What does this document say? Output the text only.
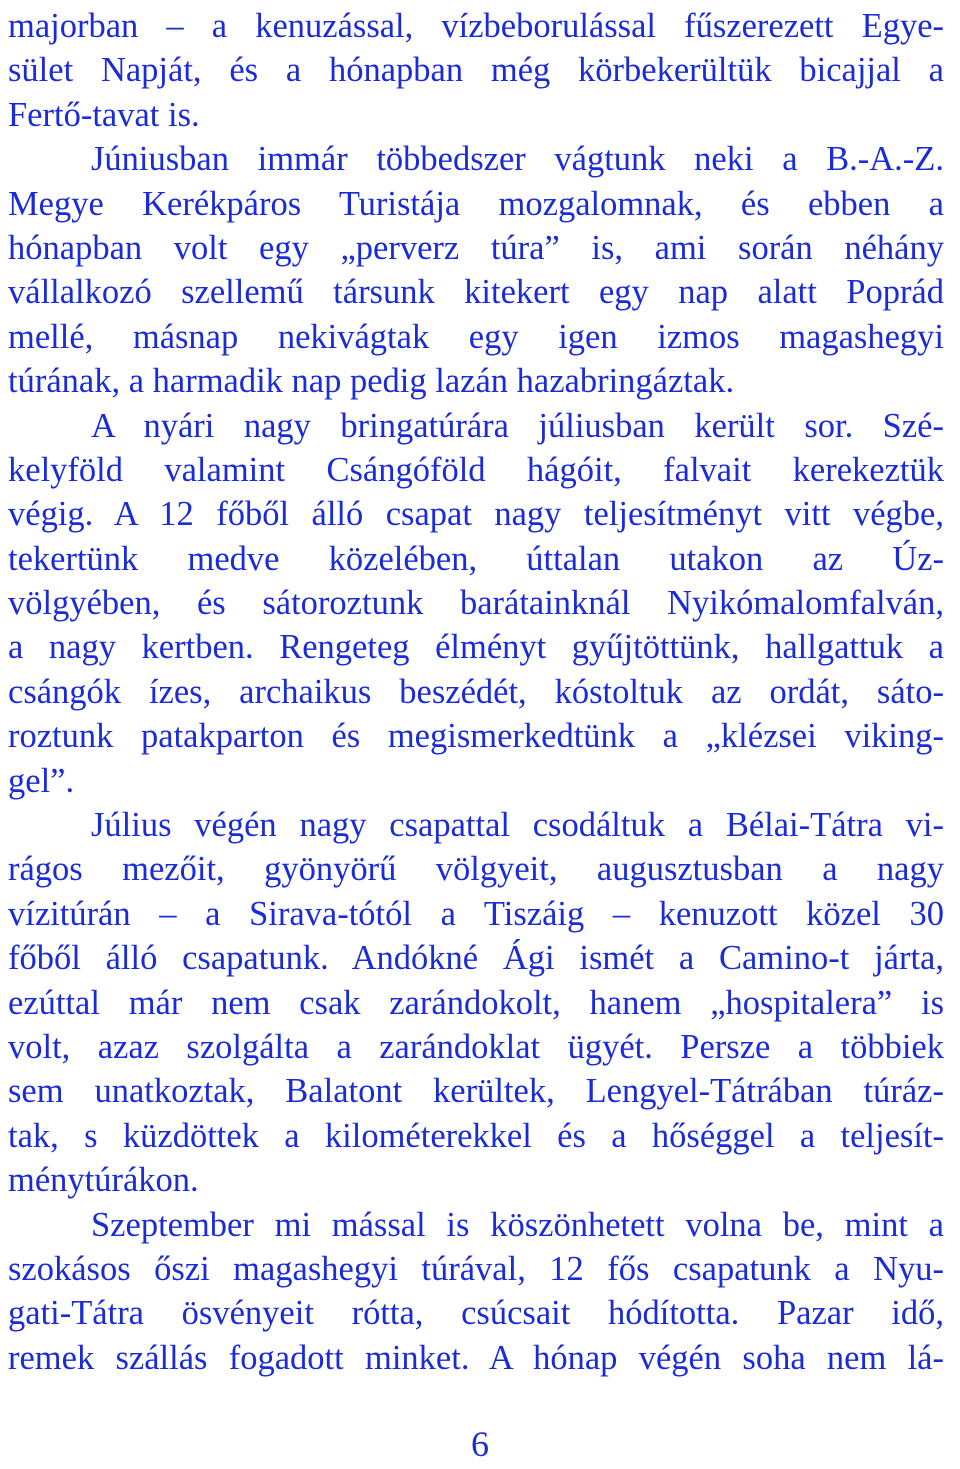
majorban – a kenuzással, vízbeborulással fűszerezett Egye-
sület Napját, és a hónapban még körbekerültük bicajjal a
Fertő-tavat is.
Júniusban immár többedszer vágtunk neki a B.-A.-Z.
Megye Kerékpáros Turistája mozgalomnak, és ebben a
hónapban volt egy „perverz túra” is, ami során néhány
vállalkozó szellemű társunk kitekert egy nap alatt Poprád
mellé, másnap nekivágtak egy igen izmos magashegyi
túrának, a harmadik nap pedig lazán hazabringáztak.
A nyári nagy bringatúrára júliusban került sor. Szé-
kelyföld valamint Csángóföld hágóit, falvait kerekeztük
végig. A 12 főből álló csapat nagy teljesítményt vitt végbe,
tekertünk medve közelében, úttalan utakon az Úz-
völgyében, és sátoroztunk barátainknál Nyikómalomfalván,
a nagy kertben. Rengeteg élményt gyűjtöttünk, hallgattuk a
csángók ízes, archaikus beszédét, kóstoltuk az ordát, sáto-
roztunk patakparton és megismerkedtünk a „klézsei viking-
gel”.
Július végén nagy csapattal csodáltuk a Bélai-Tátra vi-
rágos mezőit, gyönyörű völgyeit, augusztusban a nagy
vízitúrán – a Sirava-tótól a Tiszáig – kenuzott közel 30
főből álló csapatunk. Andókné Ági ismét a Camino-t járta,
ezúttal már nem csak zarándokolt, hanem „hospitalera” is
volt, azaz szolgálta a zarándoklat ügyét. Persze a többiek
sem unatkoztak, Balatont kerültek, Lengyel-Tátrában túráz-
tak, s küzdöttek a kilométerekkel és a hőséggel a teljesít-
ménytúrákon.
Szeptember mi mással is köszönhetett volna be, mint a
szokásos őszi magashegyi túrával, 12 fős csapatunk a Nyu-
gati-Tátra ösvényeit rótta, csúcsait hódította. Pazar idő,
remek szállás fogadott minket. A hónap végén soha nem lá-
6
